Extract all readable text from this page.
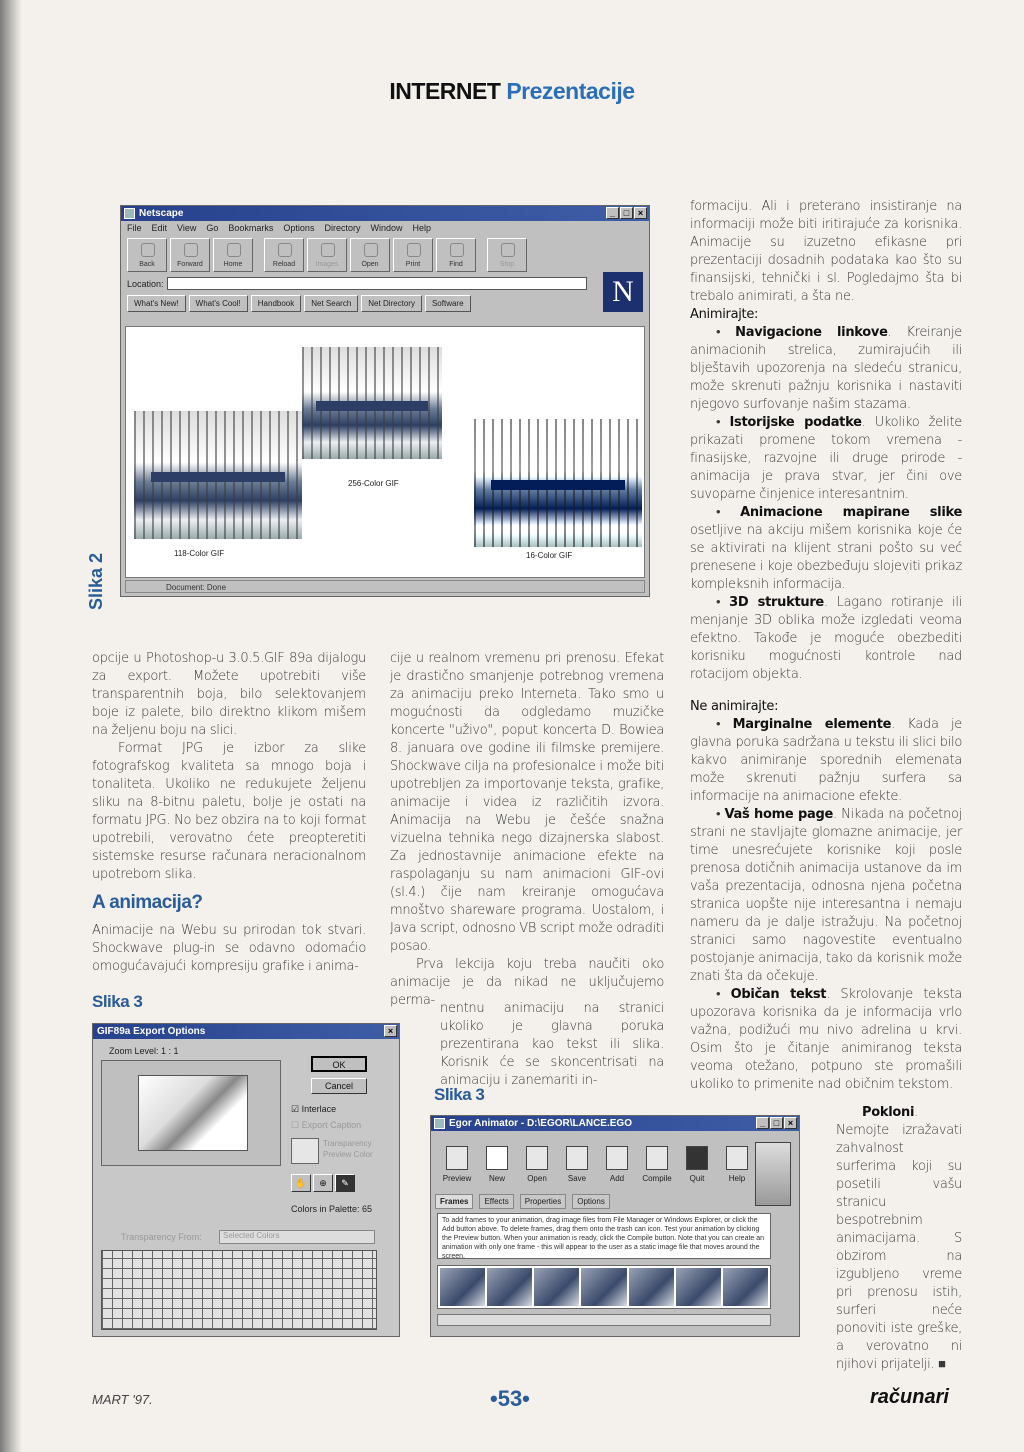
INTERNET Prezentacije
Netscape	_ □ ×
File Edit View Go Bookmarks Options Directory Window Help
Back	Forward	Home	Reload	Images	Open	Print	Find	Stop
Location:
What's New!	What's Cool!	Handbook	Net Search	Net Directory	Software	N
256-Color GIF
118-Color GIF	16-Color GIF
Document: Done
Slika 2

opcije u Photoshop-u 3.0.5.GIF 89a dijalogu za export. Možete upotrebiti više transparentnih boja, bilo selektovanjem boje iz palete, bilo direktno klikom mišem na željenu boju na slici.

Format JPG je izbor za slike fotografskog kvaliteta sa mnogo boja i tonaliteta. Ukoliko ne redukujete željenu sliku na 8-bitnu paletu, bolje je ostati na formatu JPG. No bez obzira na to koji format upotrebili, verovatno ćete preopteretiti sistemske resurse računara neracionalnom upotrebom slika.

A animacija?

Animacije na Webu su prirodan tok stvari. Shockwave plug-in se odavno odomaćio omogućavajući kompresiju grafike i anima-

Slika 3
GIF89a Export Options	×
Zoom Level: 1 : 1
OK
Cancel
☑ Interlace
☐ Export Caption
Transparency Preview Color
✋	⊕	✎
Colors in Palette: 65
Transparency From:	Selected Colors

cije u realnom vremenu pri prenosu. Efekat je drastično smanjenje potrebnog vremena za animaciju preko Interneta. Tako smo u mogućnosti da odgledamo muzičke koncerte "uživo", poput koncerta D. Bowiea 8. januara ove godine ili filmske premijere. Shockwave cilja na profesionalce i može biti upotrebljen za importovanje teksta, grafike, animacije i videa iz različitih izvora. Animacija na Webu je češće snažna vizuelna tehnika nego dizajnerska slabost. Za jednostavnije animacione efekte na raspolaganju su nam animacioni GIF-ovi (sl.4.) čije nam kreiranje omogućava mnoštvo shareware programa. Uostalom, i Java script, odnosno VB script može odraditi posao.

Prva lekcija koju treba naučiti oko animacije je da nikad ne uključujemo perma-

nentnu animaciju na stranici ukoliko je glavna poruka prezentirana kao tekst ili slika. Korisnik će se skoncentrisati na animaciju i zanemariti in-

Slika 3
Egor Animator - D:\EGOR\LANCE.EGO	_ □ ×
Preview	New	Open	Save	Add	Compile	Quit	Help
Frames	Effects	Properties	Options
To add frames to your animation, drag image files from File Manager or Windows Explorer, or click the Add button above. To delete frames, drag them onto the trash can icon. Test your animation by clicking the Preview button. When your animation is ready, click the Compile button. Note that you can create an animation with only one frame - this will appear to the user as a static image file that moves around the screen.

formaciju. Ali i preterano insistiranje na informaciji može biti iritirajuće za korisnika. Animacije su izuzetno efikasne pri prezentaciji dosadnih podataka kao što su finansijski, tehnički i sl. Pogledajmo šta bi trebalo animirati, a šta ne.

Animirajte:

• Navigacione linkove. Kreiranje animacionih strelica, zumirajućih ili blještavih upozorenja na sledeću stranicu, može skrenuti pažnju korisnika i nastaviti njegovo surfovanje našim stazama.

• Istorijske podatke. Ukoliko želite prikazati promene tokom vremena - finasijske, razvojne ili druge prirode - animacija je prava stvar, jer čini ove suvoparne činjenice interesantnim.

• Animacione mapirane slike osetljive na akciju mišem korisnika koje će se aktivirati na klijent strani pošto su već prenesene i koje obezbeđuju slojeviti prikaz kompleksnih informacija.

• 3D strukture. Lagano rotiranje ili menjanje 3D oblika može izgledati veoma efektno. Takođe je moguće obezbediti korisniku mogućnosti kontrole nad rotacijom objekta.

Ne animirajte:

• Marginalne elemente. Kada je glavna poruka sadržana u tekstu ili slici bilo kakvo animiranje sporednih elemenata može skrenuti pažnju surfera sa informacije na animacione efekte.

• Vaš home page. Nikada na početnoj strani ne stavljajte glomazne animacije, jer time unesrećujete korisnike koji posle prenosa dotičnih animacija ustanove da im vaša prezentacija, odnosna njena početna stranica uopšte nije interesantna i nemaju nameru da je dalje istražuju. Na početnoj stranici samo nagovestite eventualno postojanje animacija, tako da korisnik može znati šta da očekuje.

• Običan tekst. Skrolovanje teksta upozorava korisnika da je informacija vrlo važna, podižući mu nivo adrelina u krvi. Osim što je čitanje animiranog teksta veoma otežano, potpuno ste promašili ukoliko to primenite nad običnim tekstom.

Pokloni. Nemojte izražavati zahvalnost surferima koji su posetili vašu stranicu bespotrebnim animacijama. S obzirom na izgubljeno vreme pri prenosu istih, surferi neće ponoviti iste greške, a verovatno ni njihovi prijatelji. ■

MART '97.	•53•	računari
